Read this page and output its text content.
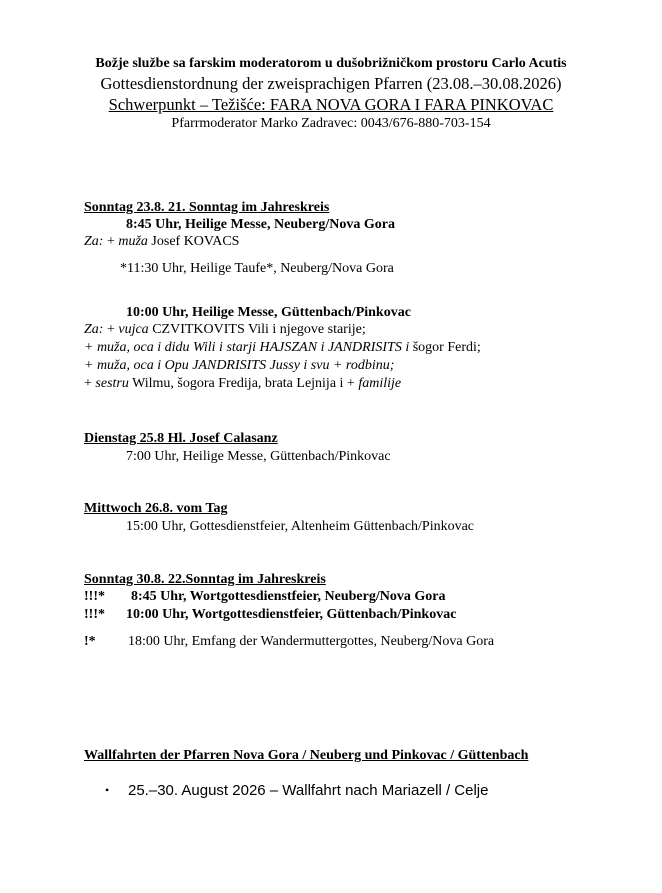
Božje službe sa farskim moderatorom u dušobrižničkom prostoru Carlo Acutis
Gottesdienstordnung der zweisprachigen Pfarren (23.08.–30.08.2026)
Schwerpunkt – Težišće: FARA NOVA GORA I FARA PINKOVAC
Pfarrmoderator Marko Zadravec: 0043/676-880-703-154
Sonntag 23.8. 21. Sonntag im Jahreskreis
8:45 Uhr, Heilige Messe, Neuberg/Nova Gora
Za: + muža Josef KOVACS
*11:30 Uhr, Heilige Taufe*, Neuberg/Nova Gora
10:00 Uhr, Heilige Messe, Güttenbach/Pinkovac
Za: + vujca CZVITKOVITS Vili i njegove starije;
+ muža, oca i didu Wili i starji HAJSZAN i JANDRISITS i šogor Ferdi;
+ muža, oca i Opu JANDRISITS Jussy i svu + rodbinu;
+ sestru Wilmu, šogora Fredija, brata Lejnija i + familije
Dienstag 25.8 Hl. Josef Calasanz
7:00 Uhr, Heilige Messe, Güttenbach/Pinkovac
Mittwoch 26.8. vom Tag
15:00 Uhr, Gottesdienstfeier, Altenheim Güttenbach/Pinkovac
Sonntag 30.8. 22.Sonntag im Jahreskreis
!!!* 8:45 Uhr, Wortgottesdienstfeier, Neuberg/Nova Gora
!!!* 10:00 Uhr, Wortgottesdienstfeier, Güttenbach/Pinkovac
!* 18:00 Uhr, Emfang der Wandermuttergottes, Neuberg/Nova Gora
Wallfahrten der Pfarren Nova Gora / Neuberg und Pinkovac / Güttenbach
• 25.–30. August 2026 – Wallfahrt nach Mariazell / Celje
